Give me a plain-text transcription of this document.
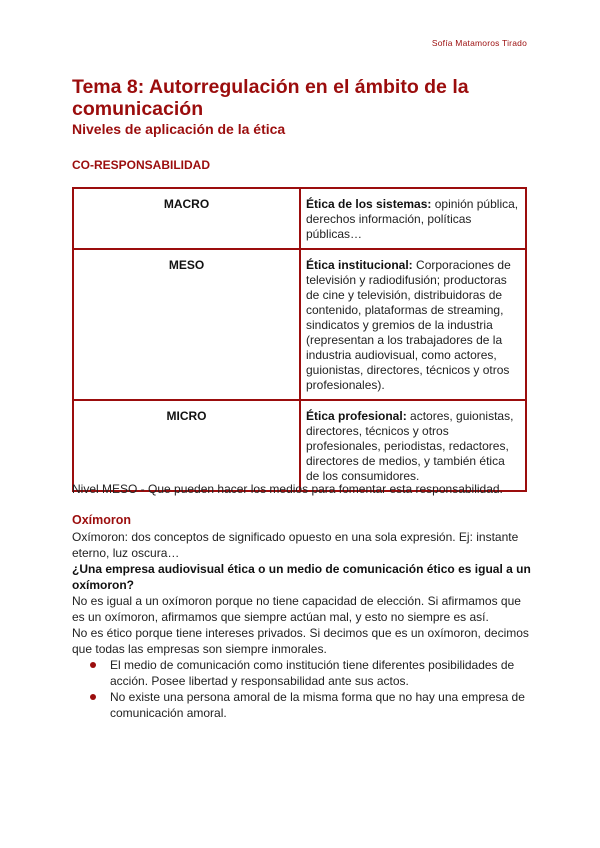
Sofía Matamoros Tirado
Tema 8: Autorregulación en el ámbito de la comunicación
Niveles de aplicación de la ética
CO-RESPONSABILIDAD
MACRO	Ética de los sistemas: opinión pública, derechos información, políticas públicas…

MESO	Ética institucional: Corporaciones de televisión y radiodifusión; productoras de cine y televisión, distribuidoras de contenido, plataformas de streaming, sindicatos y gremios de la industria (representan a los trabajadores de la industria audiovisual, como actores, guionistas, directores, técnicos y otros profesionales).

MICRO	Ética profesional: actores, guionistas, directores, técnicos y otros profesionales, periodistas, redactores, directores de medios, y también ética de los consumidores.

Nivel MESO - Que pueden hacer los medios para fomentar esta responsabilidad.

Oxímoron

Oxímoron: dos conceptos de significado opuesto en una sola expresión. Ej: instante eterno, luz oscura…

¿Una empresa audiovisual ética o un medio de comunicación ético es igual a un oxímoron?

No es igual a un oxímoron porque no tiene capacidad de elección. Si afirmamos que es un oxímoron, afirmamos que siempre actúan mal, y esto no siempre es así.

No es ético porque tiene intereses privados. Si decimos que es un oxímoron, decimos que todas las empresas son siempre inmorales.

El medio de comunicación como institución tiene diferentes posibilidades de acción. Posee libertad y responsabilidad ante sus actos.
No existe una persona amoral de la misma forma que no hay una empresa de comunicación amoral.
